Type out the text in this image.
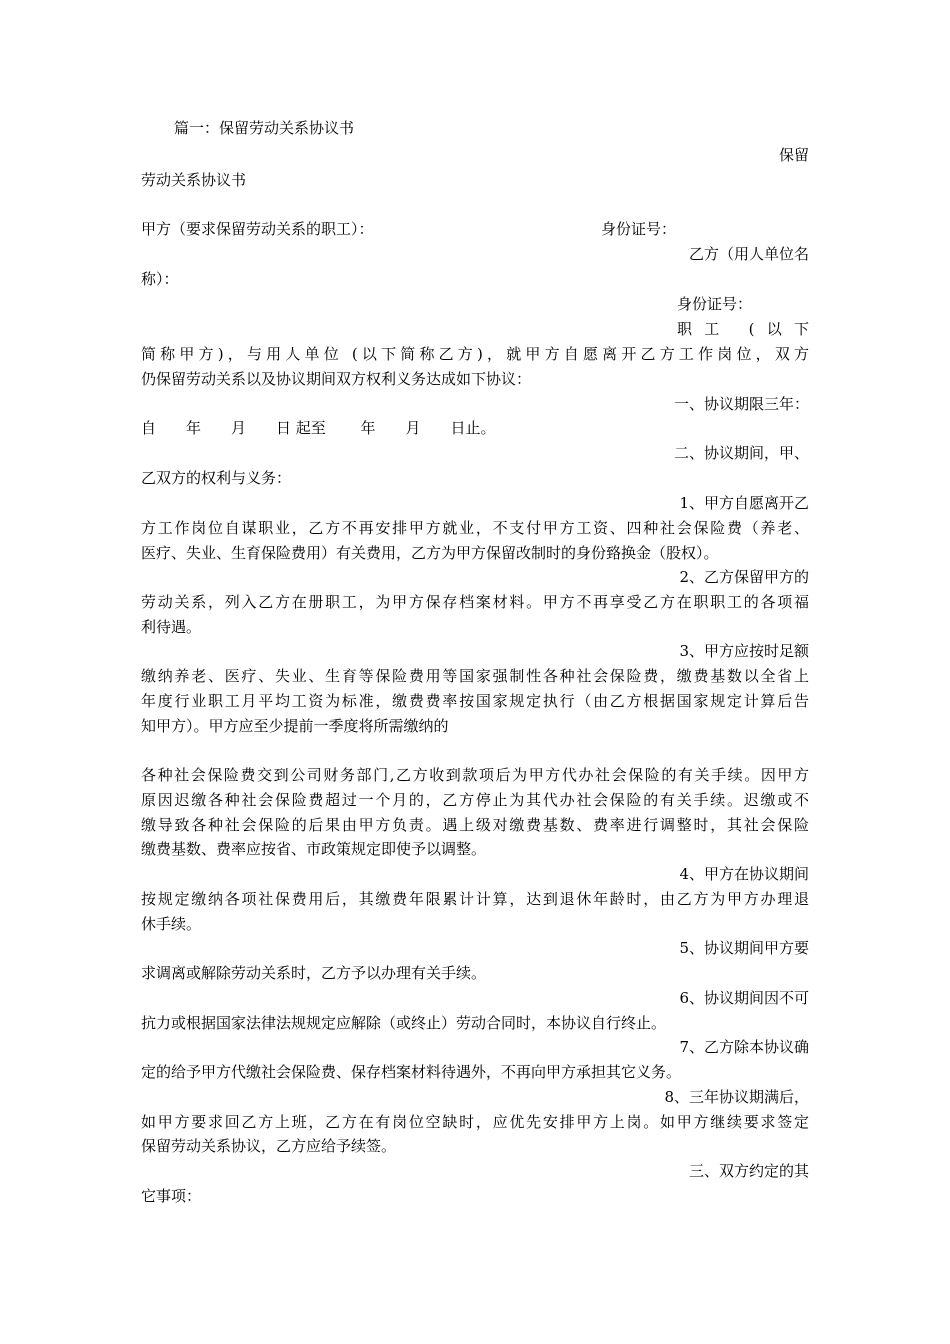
篇一：保留劳动关系协议书
保留
劳动关系协议书
甲方（要求保留劳动关系的职工）：	身份证号：
乙方（用人单位名
称）：
身份证号：
职工 (以下
简称甲方)，与用人单位 (以下简称乙方)，就甲方自愿离开乙方工作岗位，双方
仍保留劳动关系以及协议期间双方权利义务达成如下协议：
一、协议期限三年：
自　　年　　月　　日 起至　　 年　　月　　日止。
二、协议期间，甲、
乙双方的权利与义务：
1、甲方自愿离开乙
方工作岗位自谋职业，乙方不再安排甲方就业，不支付甲方工资、四种社会保险费（养老、
医疗、失业、生育保险费用）有关费用，乙方为甲方保留改制时的身份臵换金（股权）。
2、乙方保留甲方的
劳动关系，列入乙方在册职工，为甲方保存档案材料。甲方不再享受乙方在职职工的各项福
利待遇。
3、甲方应按时足额
缴纳养老、医疗、失业、生育等保险费用等国家强制性各种社会保险费，缴费基数以全省上
年度行业职工月平均工资为标准，缴费费率按国家规定执行（由乙方根据国家规定计算后告
知甲方）。甲方应至少提前一季度将所需缴纳的
各种社会保险费交到公司财务部门,乙方收到款项后为甲方代办社会保险的有关手续。因甲方
原因迟缴各种社会保险费超过一个月的，乙方停止为其代办社会保险的有关手续。迟缴或不
缴导致各种社会保险的后果由甲方负责。遇上级对缴费基数、费率进行调整时，其社会保险
缴费基数、费率应按省、市政策规定即使予以调整。
4、甲方在协议期间
按规定缴纳各项社保费用后，其缴费年限累计计算，达到退休年龄时，由乙方为甲方办理退
休手续。
5、协议期间甲方要
求调离或解除劳动关系时，乙方予以办理有关手续。
6、协议期间因不可
抗力或根据国家法律法规规定应解除（或终止）劳动合同时，本协议自行终止。
7、乙方除本协议确
定的给予甲方代缴社会保险费、保存档案材料待遇外，不再向甲方承担其它义务。
8、三年协议期满后，
如甲方要求回乙方上班，乙方在有岗位空缺时，应优先安排甲方上岗。如甲方继续要求签定
保留劳动关系协议，乙方应给予续签。
三、双方约定的其
它事项：
